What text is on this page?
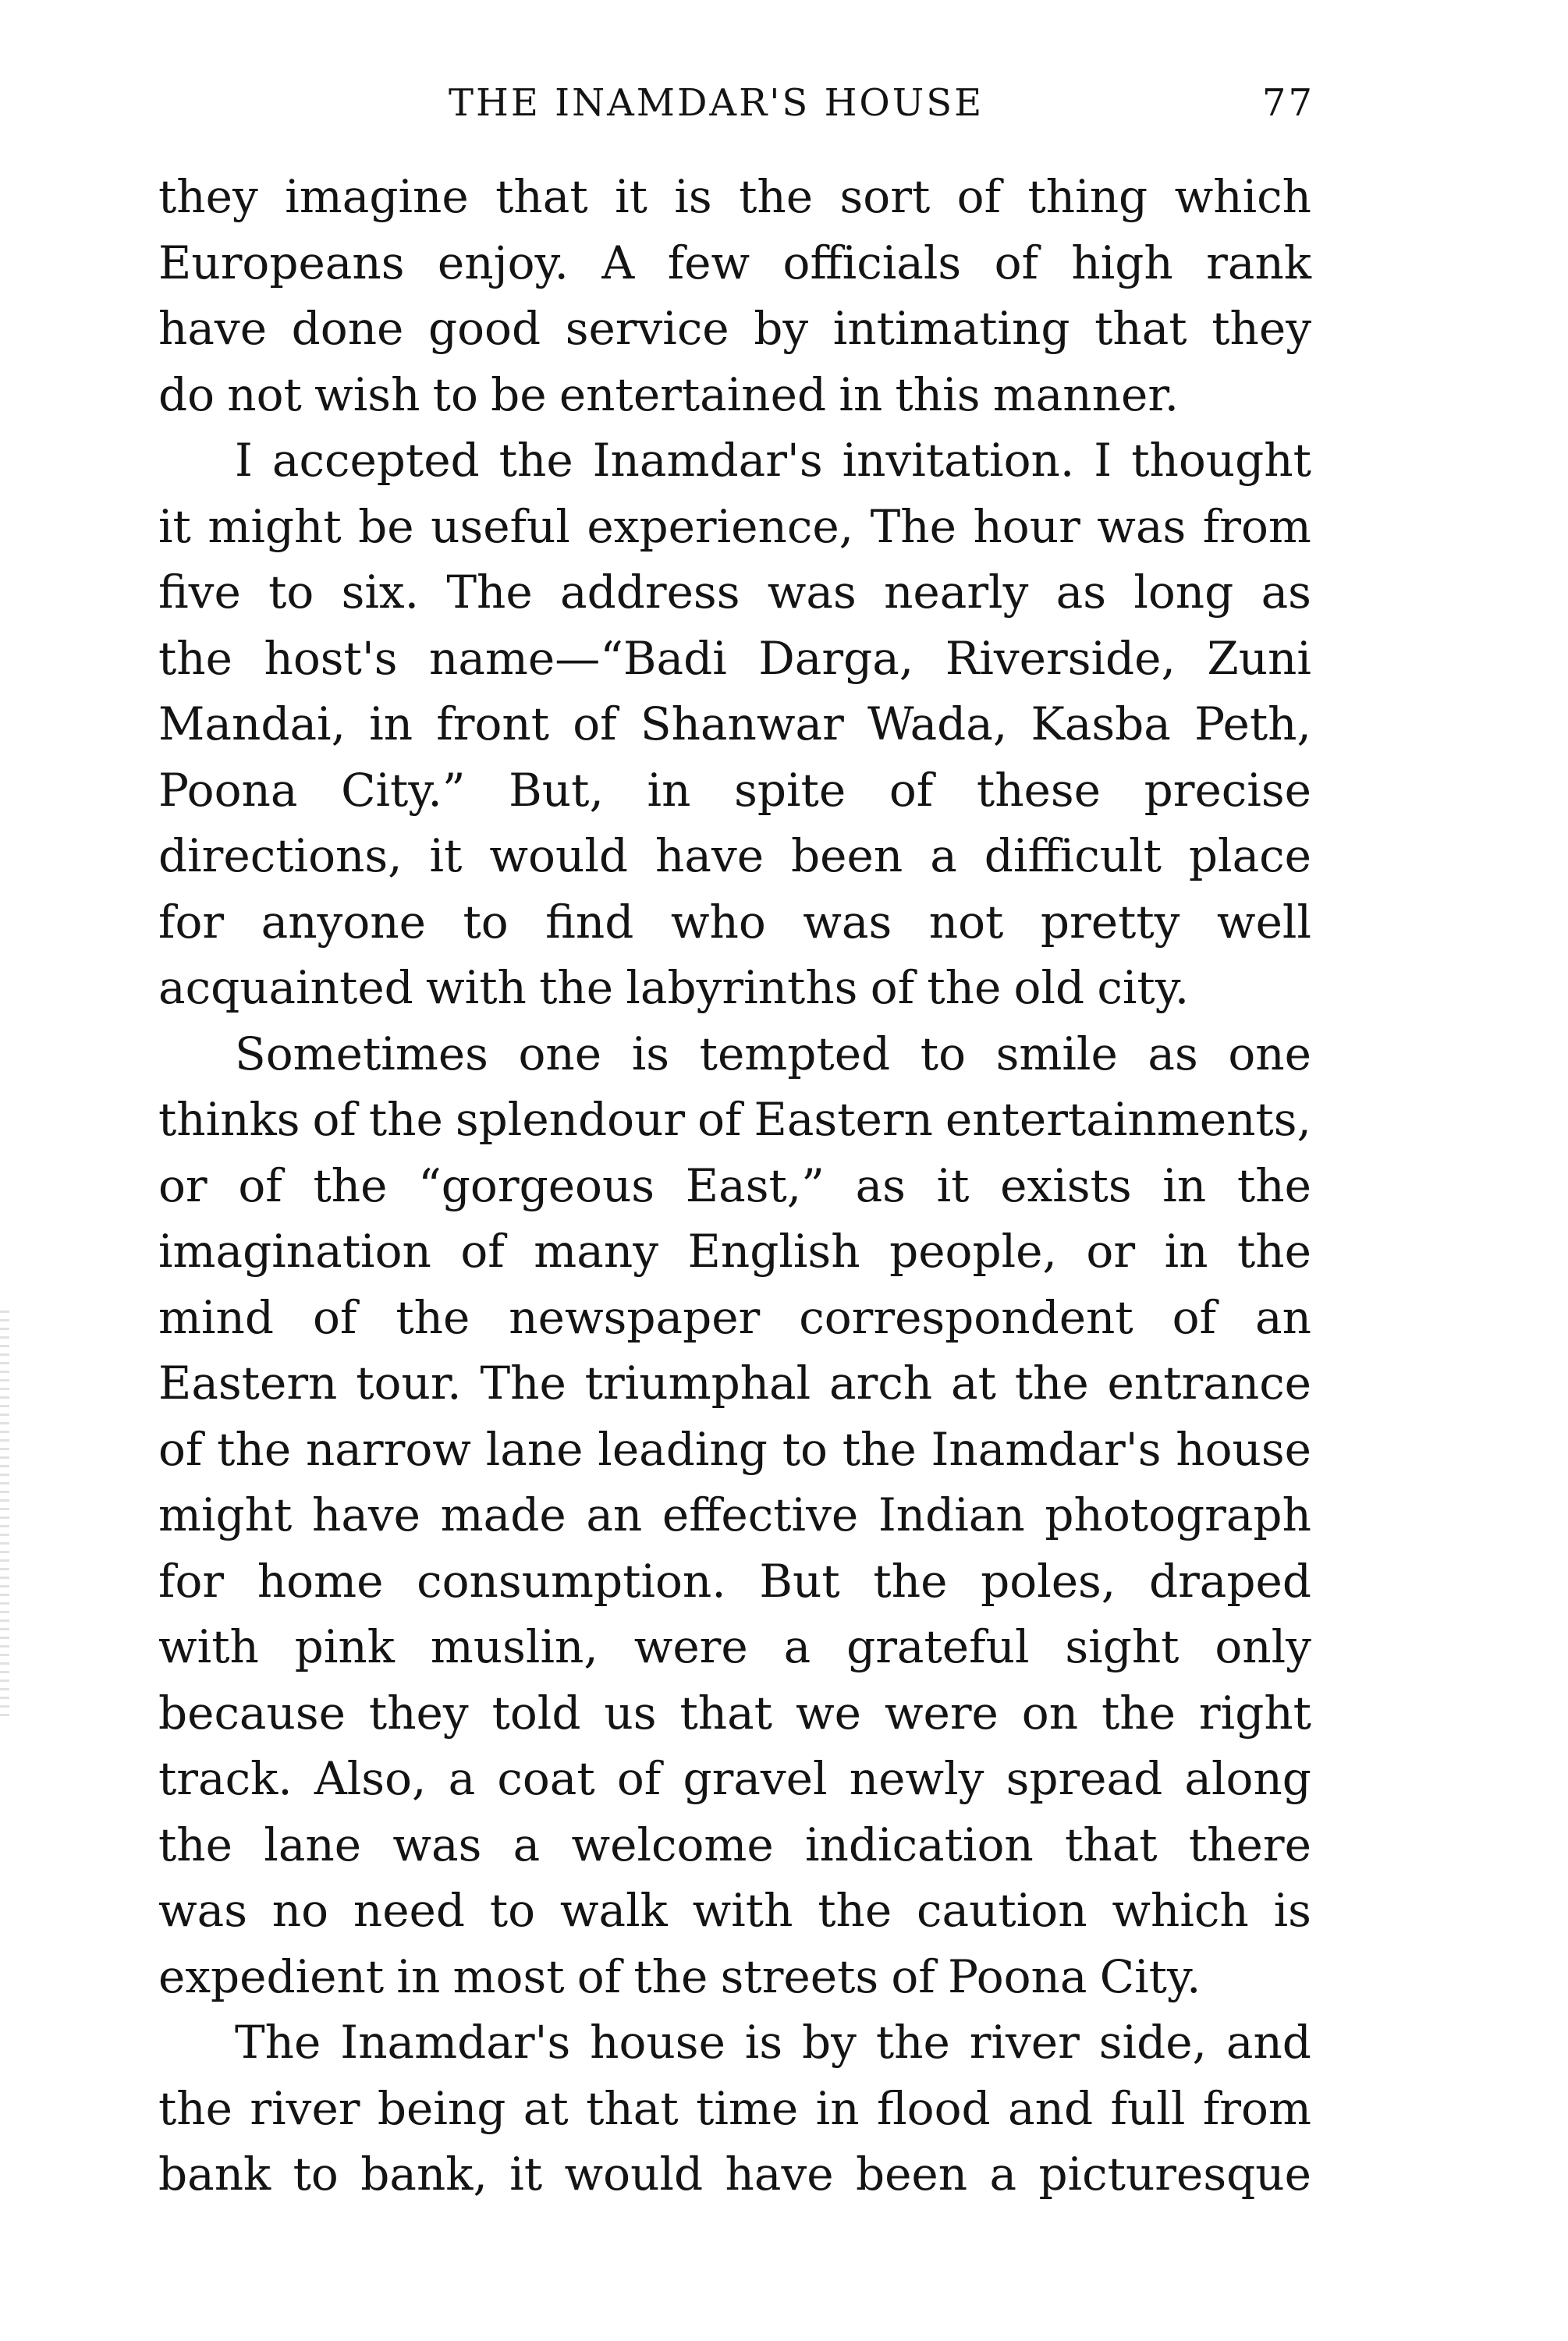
THE INAMDAR'S HOUSE	77
they imagine that it is the sort of thing which
Europeans enjoy. A few officials of high rank
have done good service by intimating that they
do not wish to be entertained in this manner.
I accepted the Inamdar's invitation. I thought
it might be useful experience, The hour was from
five to six. The address was nearly as long as
the host's name—“Badi Darga, Riverside, Zuni
Mandai, in front of Shanwar Wada, Kasba Peth,
Poona City.” But, in spite of these precise
directions, it would have been a difficult place
for anyone to find who was not pretty well
acquainted with the labyrinths of the old city.
Sometimes one is tempted to smile as one
thinks of the splendour of Eastern entertainments,
or of the “gorgeous East,” as it exists in the
imagination of many English people, or in the
mind of the newspaper correspondent of an
Eastern tour. The triumphal arch at the entrance
of the narrow lane leading to the Inamdar's house
might have made an effective Indian photograph
for home consumption. But the poles, draped
with pink muslin, were a grateful sight only
because they told us that we were on the right
track. Also, a coat of gravel newly spread along
the lane was a welcome indication that there
was no need to walk with the caution which is
expedient in most of the streets of Poona City.
The Inamdar's house is by the river side, and
the river being at that time in flood and full from
bank to bank, it would have been a picturesque
